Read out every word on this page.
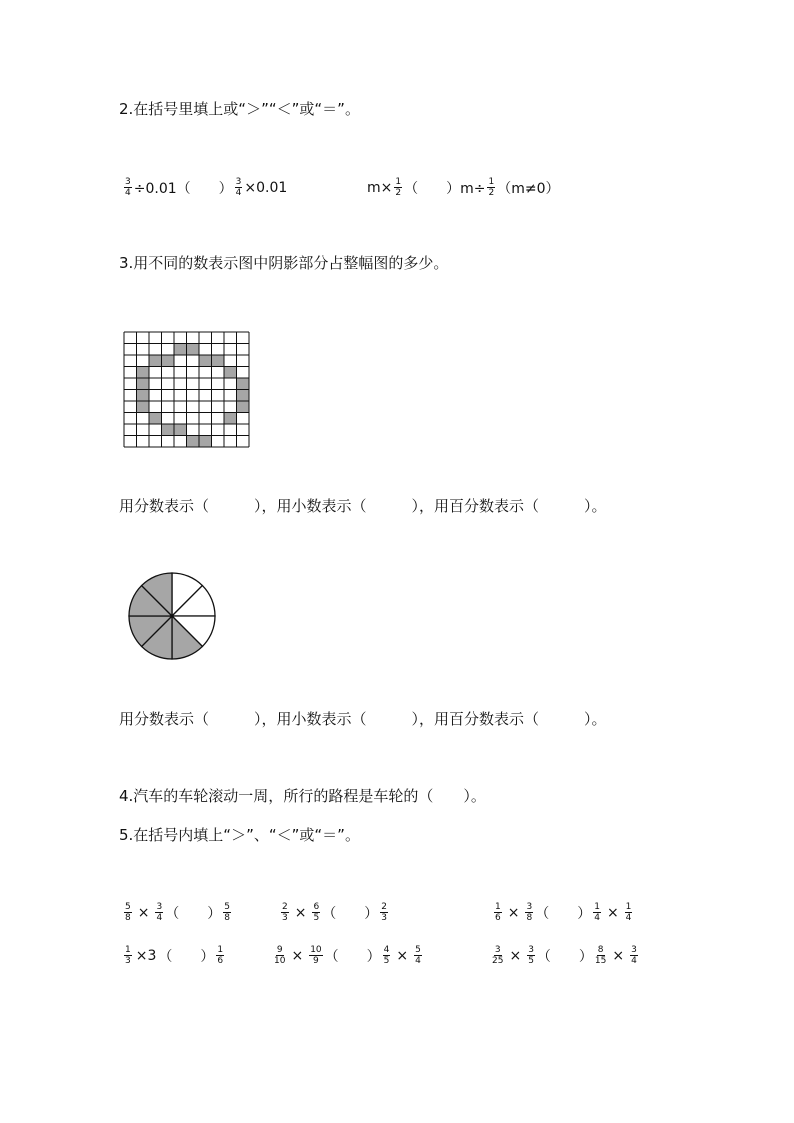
2.在括号里填上或“＞”“＜”或“＝”。
$\frac{3}{4} \div 0.01$（　　） $\frac{3}{4} \times 0.01$	$m\times \frac{1}{2}$ （　　）$m\div \frac{1}{2} (m\ne 0)$
3.用不同的数表示图中阴影部分占整幅图的多少。
用分数表示（　　　），用小数表示（　　　），用百分数表示（　　　）。
用分数表示（　　　），用小数表示（　　　），用百分数表示（　　　）。
4.汽车的车轮滚动一周，所行的路程是车轮的（　　）。
5.在括号内填上“＞”、“＜”或“＝”。
$\frac{5}{8} \times \frac{3}{4}$ （　　） $\frac{5}{8}$	$\frac{2}{3} \times \frac{6}{5}$ （　　） $\frac{2}{3}$	$\frac{1}{6} \times \frac{3}{8}$ （　　） $\frac{1}{4} \times \frac{1}{4}$
$\frac{1}{3} \times 3$ （　　） $\frac{1}{6}$	$\frac{9}{10} \times \frac{10}{9}$ （　　） $\frac{4}{5} \times \frac{5}{4}$	$\frac{3}{25} \times \frac{3}{5}$ （　　） $\frac{8}{15} \times \frac{3}{4}$
